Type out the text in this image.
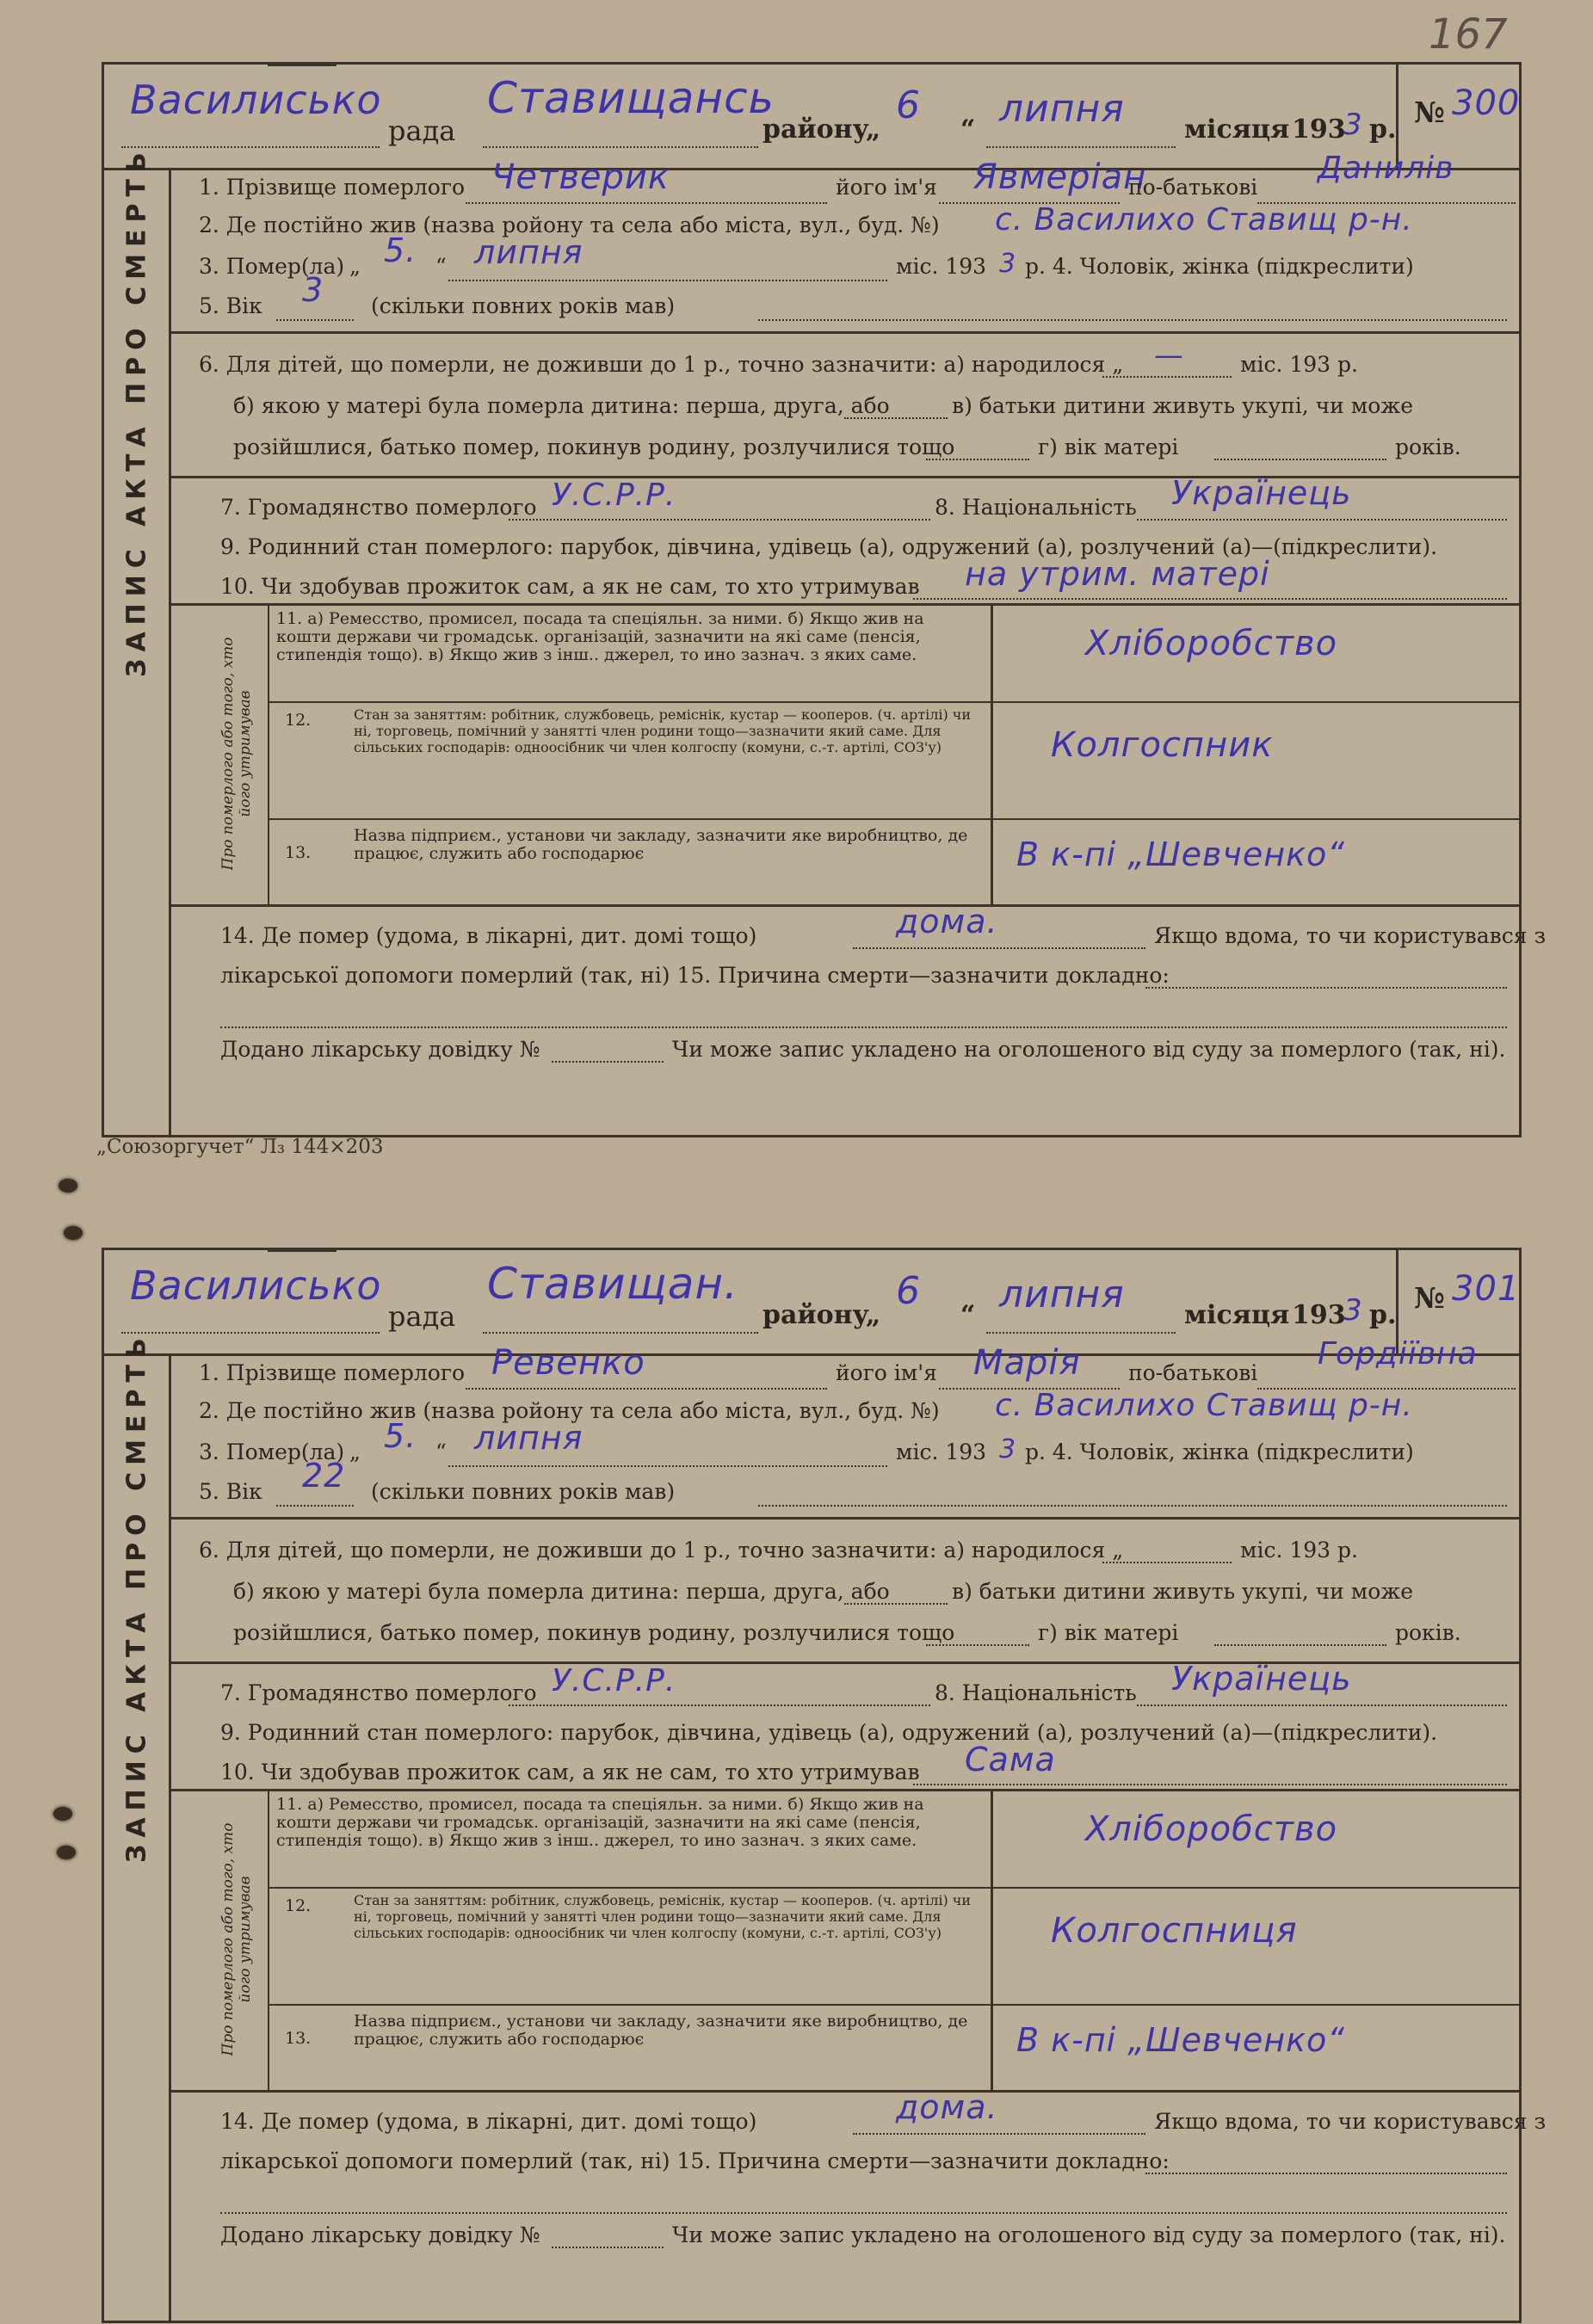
167
„Союзоргучет“ Л₃ 144×203
Василисько
рада
Ставищансь
району
„
6
“ липня місяця 193
3 р.
№ 300
ЗАПИС АКТА ПРО СМЕРТЬ 1. Прізвище померлого Четверик	його ім'я Явмеріан
по-батькові
Данилів
2. Де постійно жив (назва ройону та села або міста, вул., буд. №) с. Василихо Ставищ р-н.
3. Помер(ла) „ 5. “ липня	міс. 193 3 р. 4. Чоловік, жінка (підкреслити)
5. Вік 3 (скільки повних років мав)
6. Для дітей, що померли, не доживши до 1 р., точно зазначити: а) народилося „ —	міс. 193 р.
б) якою у матері була померла дитина: перша, друга, або	в) батьки дитини живуть укупі, чи може
розійшлися, батько помер, покинув родину, розлучилися тощо	г) вік матері	років.
7. Громадянство померлого У.С.Р.Р.	8. Національність Українець
9. Родинний стан померлого: парубок, дівчина, удівець (а), одружений (а), розлучений (а)—(підкреслити).
10. Чи здобував прожиток сам, а як не сам, то хто утримував на утрим. матері
Про померлого або того, хто його утримував
11. а) Ремесство, промисел, посада та спеціяльн. за ними. б) Якщо жив на кошти держави чи громадськ. організацій, зазначити на які саме (пенсія, стипендія тощо). в) Якщо жив з інш.. джерел, то ино зазнач. з яких саме.	Хліборобство
12.	Стан за заняттям: робітник, службовець, реміснік, кустар — кооперов. (ч. артілі) чи ні, торговець, помічний у занятті член родини тощо—зазначити який саме. Для сільських господарів: одноосібник чи член колгоспу (комуни, с.-т. артілі, СОЗ'у)	Колгоспник
13.
Назва підприєм., установи чи закладу, зазначити яке виробництво, де працює, служить або господарює	В к-пі „Шевченко“
14. Де помер (удома, в лікарні, дит. домі тощо)	дома.	Якщо вдома, то чи користувався з
лікарської допомоги померлий (так, ні) 15. Причина смерти—зазначити докладно:
Додано лікарську довідку №	Чи може запис укладено на оголошеного від суду за померлого (так, ні).
Василисько
рада
Ставищан.
району
„
6
“ липня місяця 193
3 р.
№ 301
ЗАПИС АКТА ПРО СМЕРТЬ 1. Прізвище померлого Ревенко	його ім'я Марія по-батькові
Гордіївна
2. Де постійно жив (назва ройону та села або міста, вул., буд. №) с. Василихо Ставищ р-н.
3. Помер(ла) „ 5. “ липня	міс. 193 3 р. 4. Чоловік, жінка (підкреслити)
5. Вік 22 (скільки повних років мав)
6. Для дітей, що померли, не доживши до 1 р., точно зазначити: а) народилося „	міс. 193 р.
б) якою у матері була померла дитина: перша, друга, або	в) батьки дитини живуть укупі, чи може
розійшлися, батько помер, покинув родину, розлучилися тощо	г) вік матері	років.
7. Громадянство померлого У.С.Р.Р.	8. Національність Українець
9. Родинний стан померлого: парубок, дівчина, удівець (а), одружений (а), розлучений (а)—(підкреслити).
10. Чи здобував прожиток сам, а як не сам, то хто утримував Сама
Про померлого або того, хто його утримував
11. а) Ремесство, промисел, посада та спеціяльн. за ними. б) Якщо жив на кошти держави чи громадськ. організацій, зазначити на які саме (пенсія, стипендія тощо). в) Якщо жив з інш.. джерел, то ино зазнач. з яких саме.	Хліборобство
12.	Стан за заняттям: робітник, службовець, реміснік, кустар — кооперов. (ч. артілі) чи ні, торговець, помічний у занятті член родини тощо—зазначити який саме. Для сільських господарів: одноосібник чи член колгоспу (комуни, с.-т. артілі, СОЗ'у)	Колгоспниця
13.
Назва підприєм., установи чи закладу, зазначити яке виробництво, де працює, служить або господарює	В к-пі „Шевченко“
14. Де помер (удома, в лікарні, дит. домі тощо)	дома.	Якщо вдома, то чи користувався з
лікарської допомоги померлий (так, ні) 15. Причина смерти—зазначити докладно:
Додано лікарську довідку №	Чи може запис укладено на оголошеного від суду за померлого (так, ні).
